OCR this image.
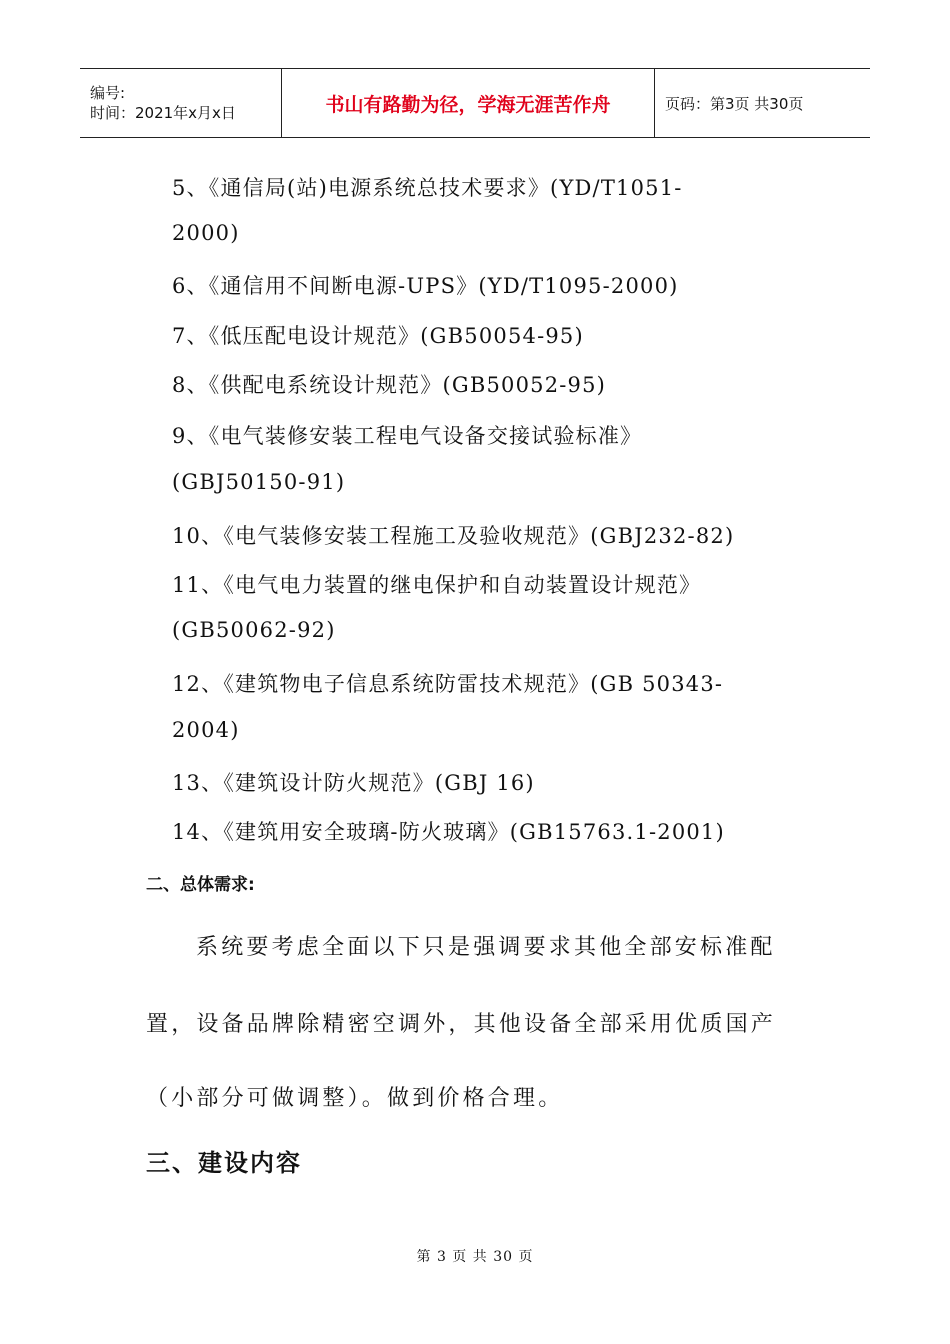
编号:
时间：2021年x月x日	书山有路勤为径，学海无涯苦作舟	页码：第3页 共30页
5、《通信局(站)电源系统总技术要求》(YD/T1051-
2000)
6、《通信用不间断电源-UPS》(YD/T1095-2000)
7、《低压配电设计规范》(GB50054-95)
8、《供配电系统设计规范》(GB50052-95)
9、《电气装修安装工程电气设备交接试验标准》
(GBJ50150-91)
10、《电气装修安装工程施工及验收规范》(GBJ232-82)
11、《电气电力装置的继电保护和自动装置设计规范》
(GB50062-92)
12、《建筑物电子信息系统防雷技术规范》(GB 50343-
2004)
13、《建筑设计防火规范》(GBJ 16)
14、《建筑用安全玻璃-防火玻璃》(GB15763.1-2001)
二、总体需求:
系统要考虑全面以下只是强调要求其他全部安标准配
置，设备品牌除精密空调外，其他设备全部采用优质国产
（小部分可做调整）。做到价格合理。
三、建设内容
第 3 页 共 30 页
